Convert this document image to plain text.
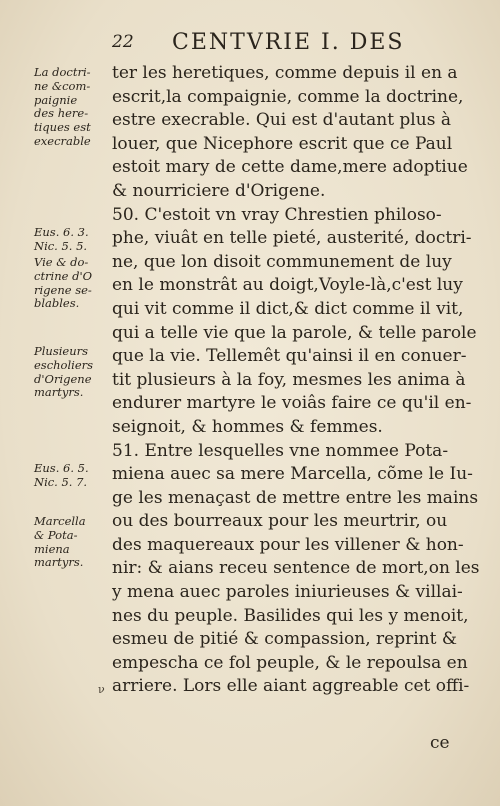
22 CENTVRIE I. DES
ter les heretiques, comme depuis il en a
escrit,la compaignie, comme la doctrine,
estre execrable. Qui est d'autant plus à
louer, que Nicephore escrit que ce Paul
estoit mary de cette dame,mere adoptiue
& nourriciere d'Origene.
50. C'estoit vn vray Chrestien philoso-
phe, viuât en telle pieté, austerité, doctri-
ne, que lon disoit communement de luy
en le monstrât au doigt,Voyle-là,c'est luy
qui vit comme il dict,& dict comme il vit,
qui a telle vie que la parole, & telle parole
que la vie. Tellemêt qu'ainsi il en conuer-
tit plusieurs à la foy, mesmes les anima à
endurer martyre le voiâs faire ce qu'il en-
seignoit, & hommes & femmes.
51. Entre lesquelles vne nommee Pota-
miena auec sa mere Marcella, cõme le Iu-
ge les menaçast de mettre entre les mains
ou des bourreaux pour les meurtrir, ou
des maquereaux pour les villener & hon-
nir: & aians receu sentence de mort,on les
y mena auec paroles iniurieuses & villai-
nes du peuple. Basilides qui les y menoit,
esmeu de pitié & compassion, reprint &
empescha ce fol peuple, & le repoulsa en
arriere. Lors elle aiant aggreable cet offi-
La doctri-
ne &com-
paignie
des here-
tiques est
execrable
Eus. 6. 3.
Nic. 5. 5.
Vie & do-
ctrine d'O
rigene se-
blables.
Plusieurs
escholiers
d'Origene
martyrs.
Eus. 6. 5.
Nic. 5. 7.
Marcella
& Pota-
miena
martyrs.
ν
ce
